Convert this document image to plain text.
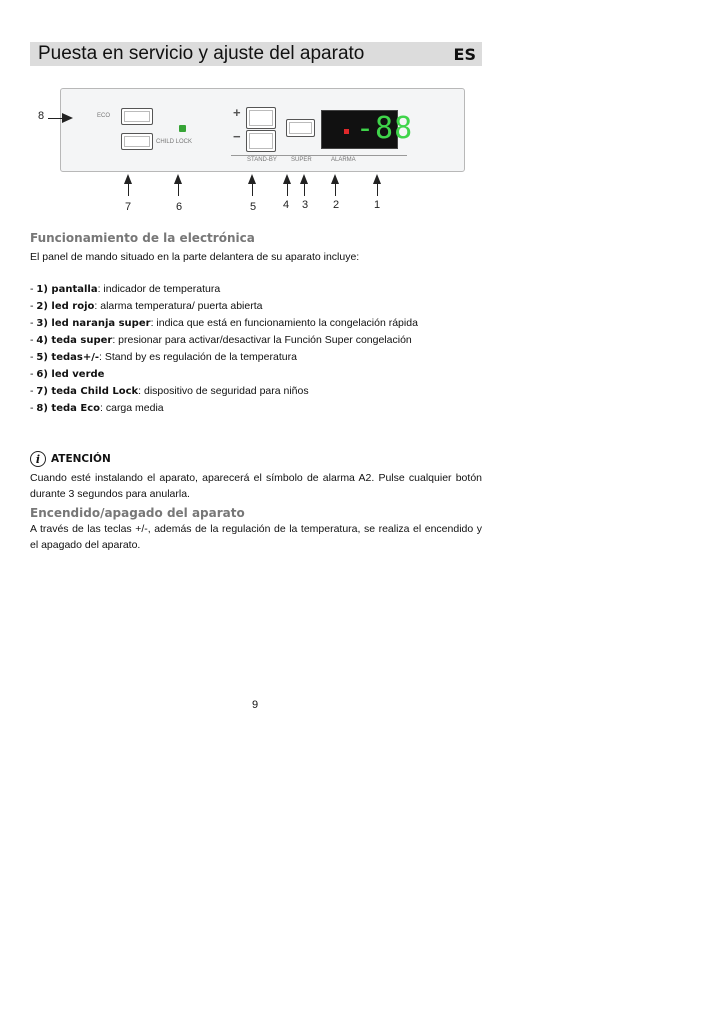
Puesta en servicio y ajuste del aparato	ES
ECO
CHILD LOCK
+
−	-88
STAND-BY SUPER	ALARMA
8
7	6	5 4 3 2	1
Funcionamiento de la electrónica
El panel de mando situado en la parte delantera de su aparato incluye:
- 1) pantalla: indicador de temperatura
- 2) led rojo: alarma temperatura/ puerta abierta
- 3) led naranja super: indica que está en funcionamiento la congelación rápida
- 4) teda super: presionar para activar/desactivar la Función Super congelación
- 5) tedas+/-: Stand by es regulación de la temperatura
- 6) led verde
- 7) teda Child Lock: dispositivo de seguridad para niños
- 8) teda Eco: carga media
i	ATENCIÓN
Cuando esté instalando el aparato, aparecerá el símbolo de alarma A2. Pulse cualquier botón durante 3 segundos para anularla.
Encendido/apagado del aparato
A través de las teclas +/-, además de la regulación de la temperatura, se realiza el encendido y el apagado del aparato.
9
